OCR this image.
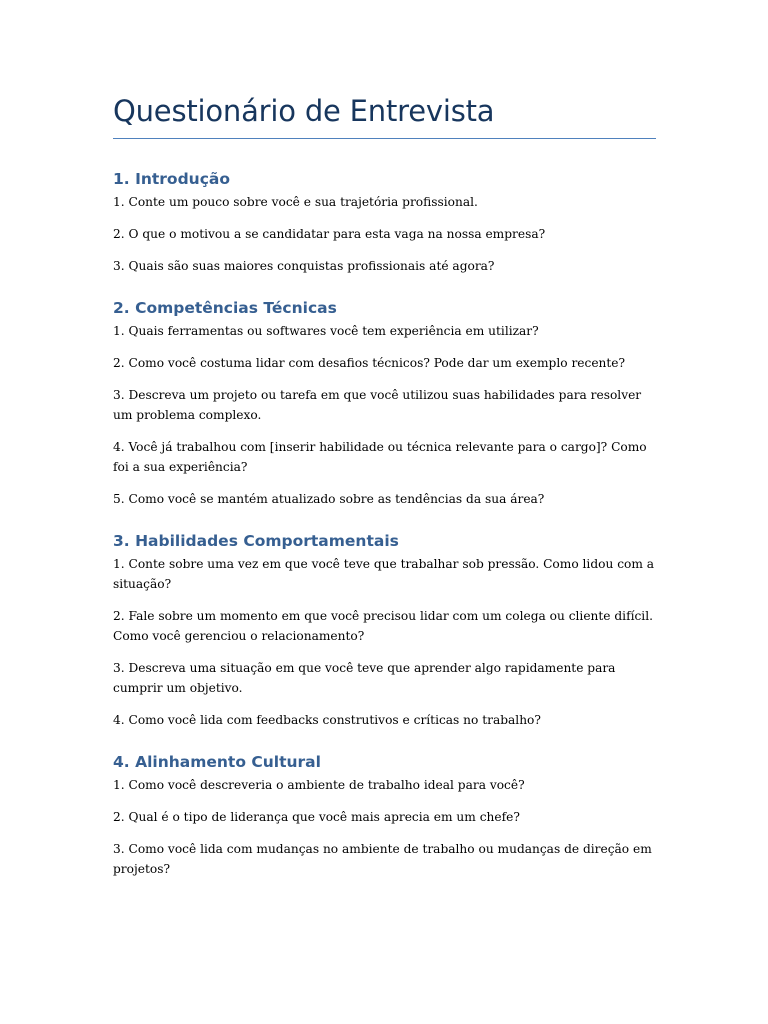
Questionário de Entrevista
1. Introdução

1. Conte um pouco sobre você e sua trajetória profissional.

2. O que o motivou a se candidatar para esta vaga na nossa empresa?

3. Quais são suas maiores conquistas profissionais até agora?

2. Competências Técnicas

1. Quais ferramentas ou softwares você tem experiência em utilizar?

2. Como você costuma lidar com desafios técnicos? Pode dar um exemplo recente?

3. Descreva um projeto ou tarefa em que você utilizou suas habilidades para resolver um problema complexo.

4. Você já trabalhou com [inserir habilidade ou técnica relevante para o cargo]? Como foi a sua experiência?

5. Como você se mantém atualizado sobre as tendências da sua área?

3. Habilidades Comportamentais

1. Conte sobre uma vez em que você teve que trabalhar sob pressão. Como lidou com a situação?

2. Fale sobre um momento em que você precisou lidar com um colega ou cliente difícil. Como você gerenciou o relacionamento?

3. Descreva uma situação em que você teve que aprender algo rapidamente para cumprir um objetivo.

4. Como você lida com feedbacks construtivos e críticas no trabalho?

4. Alinhamento Cultural

1. Como você descreveria o ambiente de trabalho ideal para você?

2. Qual é o tipo de liderança que você mais aprecia em um chefe?

3. Como você lida com mudanças no ambiente de trabalho ou mudanças de direção em projetos?
